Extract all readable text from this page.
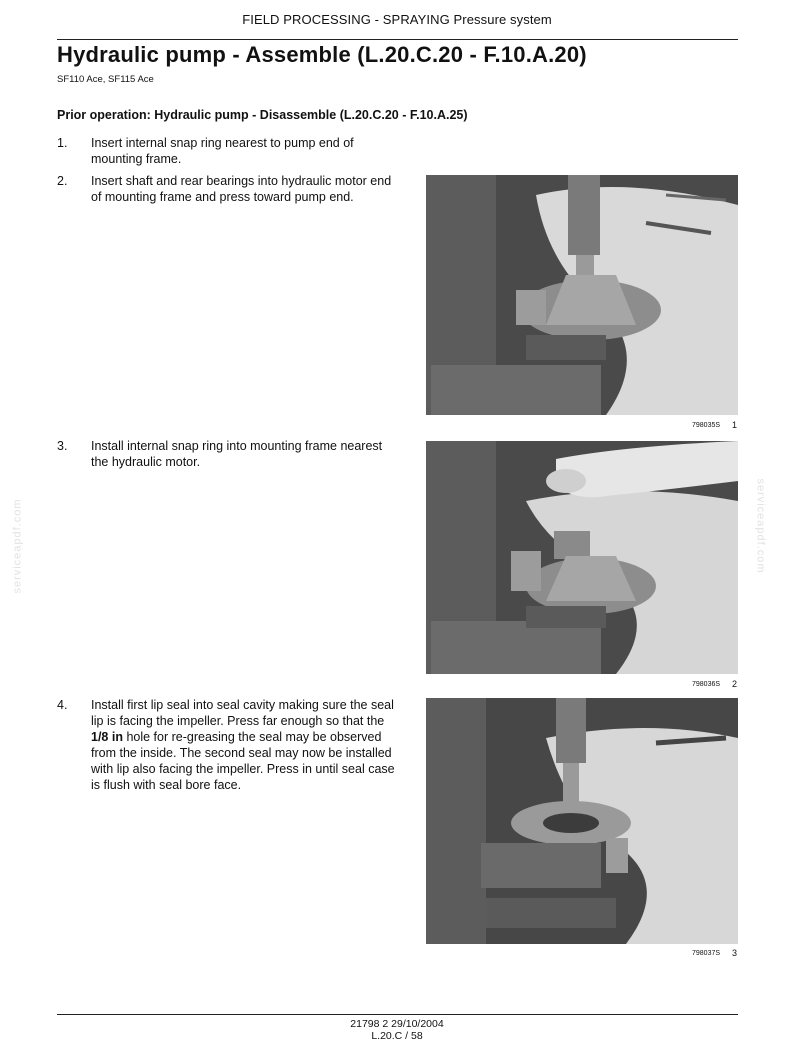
FIELD PROCESSING - SPRAYING Pressure system
Hydraulic pump - Assemble (L.20.C.20 - F.10.A.20)
SF110 Ace, SF115 Ace
Prior operation: Hydraulic pump - Disassemble (L.20.C.20 - F.10.A.25)
1.	Insert internal snap ring nearest to pump end of mounting frame.
2.	Insert shaft and rear bearings into hydraulic motor end of mounting frame and press toward pump end.
3.	Install internal snap ring into mounting frame nearest the hydraulic motor.
4.	Install first lip seal into seal cavity making sure the seal lip is facing the impeller. Press far enough so that the 1/8 in hole for re-greasing the seal may be observed from the inside. The second seal may now be installed with lip also facing the impeller. Press in until seal case is flush with seal bore face.
798035S 1
798036S 2
798037S 3
serviceapdf.com	serviceapdf.com
21798 2 29/10/2004
L.20.C / 58
